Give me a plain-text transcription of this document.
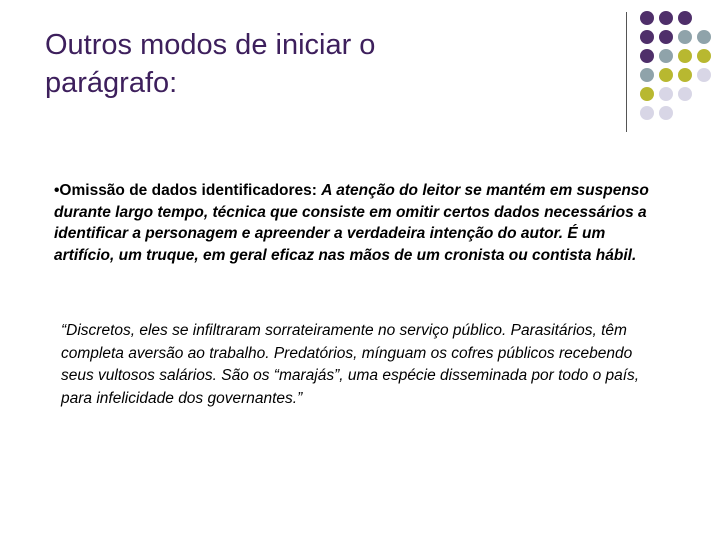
Outros modos de iniciar o
parágrafo:

•Omissão de dados identificadores: A atenção do leitor se mantém em suspenso durante largo tempo, técnica que consiste em omitir certos dados necessários a identificar a personagem e apreender a verdadeira intenção do autor. É um artifício, um truque, em geral eficaz nas mãos de um cronista ou contista hábil.

“Discretos, eles se infiltraram sorrateiramente no serviço público. Parasitários, têm completa aversão ao trabalho. Predatórios, mínguam os cofres públicos recebendo seus vultosos salários. São os “marajás”, uma espécie disseminada por todo o país, para infelicidade dos governantes.”
